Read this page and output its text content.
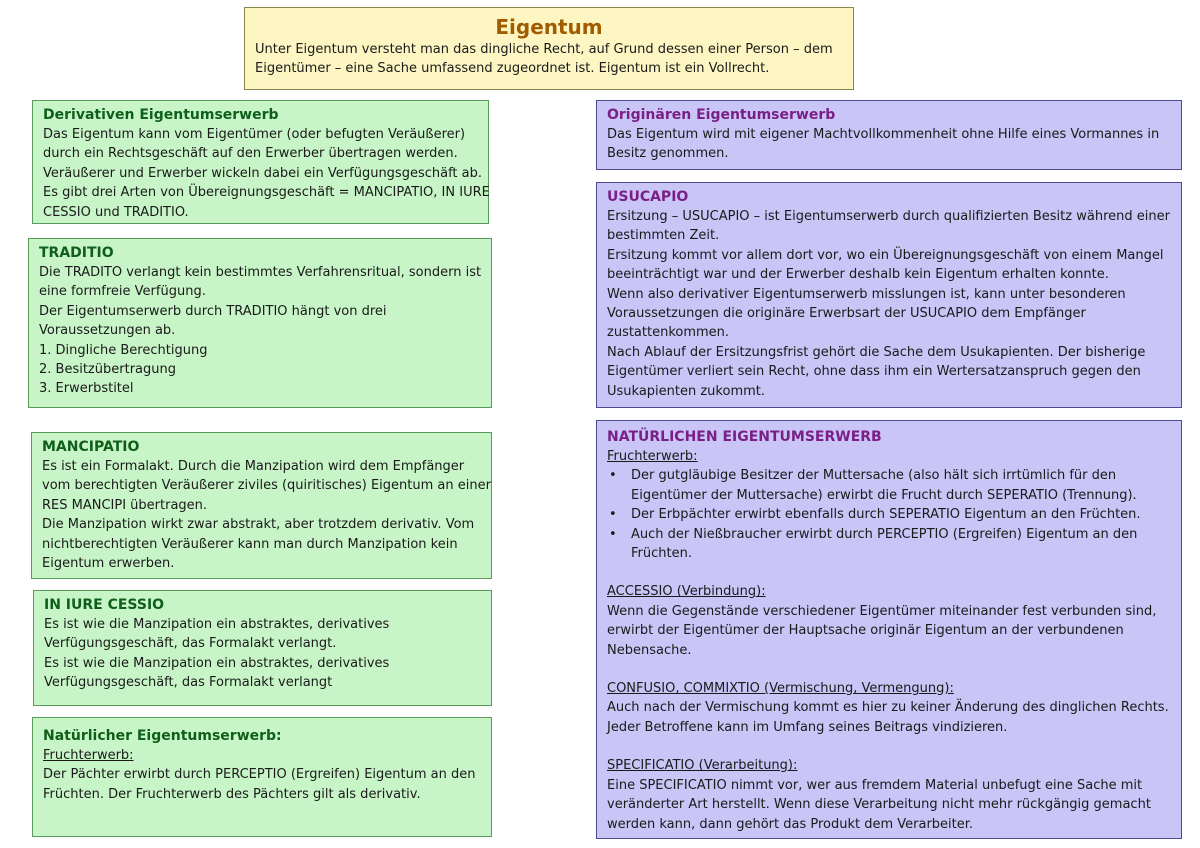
Eigentum
Unter Eigentum versteht man das dingliche Recht, auf Grund dessen einer Person – dem
Eigentümer – eine Sache umfassend zugeordnet ist. Eigentum ist ein Vollrecht.
Derivativen Eigentumserwerb
Das Eigentum kann vom Eigentümer (oder befugten Veräußerer)
durch ein Rechtsgeschäft auf den Erwerber übertragen werden.
Veräußerer und Erwerber wickeln dabei ein Verfügungsgeschäft ab.
Es gibt drei Arten von Übereignungsgeschäft = MANCIPATIO, IN IURE
CESSIO und TRADITIO.
TRADITIO
Die TRADITO verlangt kein bestimmtes Verfahrensritual, sondern ist
eine formfreie Verfügung.
Der Eigentumserwerb durch TRADITIO hängt von drei
Voraussetzungen ab.
1. Dingliche Berechtigung
2. Besitzübertragung
3. Erwerbstitel
MANCIPATIO
Es ist ein Formalakt. Durch die Manzipation wird dem Empfänger
vom berechtigten Veräußerer ziviles (quiritisches) Eigentum an einer
RES MANCIPI übertragen.
Die Manzipation wirkt zwar abstrakt, aber trotzdem derivativ. Vom
nichtberechtigten Veräußerer kann man durch Manzipation kein
Eigentum erwerben.
IN IURE CESSIO
Es ist wie die Manzipation ein abstraktes, derivatives
Verfügungsgeschäft, das Formalakt verlangt.
Es ist wie die Manzipation ein abstraktes, derivatives
Verfügungsgeschäft, das Formalakt verlangt
Natürlicher Eigentumserwerb:
Fruchterwerb:
Der Pächter erwirbt durch PERCEPTIO (Ergreifen) Eigentum an den
Früchten. Der Fruchterwerb des Pächters gilt als derivativ.
Originären Eigentumserwerb
Das Eigentum wird mit eigener Machtvollkommenheit ohne Hilfe eines Vormannes in
Besitz genommen.
USUCAPIO
Ersitzung – USUCAPIO – ist Eigentumserwerb durch qualifizierten Besitz während einer
bestimmten Zeit.
Ersitzung kommt vor allem dort vor, wo ein Übereignungsgeschäft von einem Mangel
beeinträchtigt war und der Erwerber deshalb kein Eigentum erhalten konnte.
Wenn also derivativer Eigentumserwerb misslungen ist, kann unter besonderen
Voraussetzungen die originäre Erwerbsart der USUCAPIO dem Empfänger
zustattenkommen.
Nach Ablauf der Ersitzungsfrist gehört die Sache dem Usukapienten. Der bisherige
Eigentümer verliert sein Recht, ohne dass ihm ein Wertersatzanspruch gegen den
Usukapienten zukommt.
NATÜRLICHEN EIGENTUMSERWERB
Fruchterwerb:
• Der gutgläubige Besitzer der Muttersache (also hält sich irrtümlich für den
Eigentümer der Muttersache) erwirbt die Frucht durch SEPERATIO (Trennung).
• Der Erbpächter erwirbt ebenfalls durch SEPERATIO Eigentum an den Früchten.
• Auch der Nießbraucher erwirbt durch PERCEPTIO (Ergreifen) Eigentum an den
Früchten.
ACCESSIO (Verbindung):
Wenn die Gegenstände verschiedener Eigentümer miteinander fest verbunden sind,
erwirbt der Eigentümer der Hauptsache originär Eigentum an der verbundenen
Nebensache.
CONFUSIO, COMMIXTIO (Vermischung, Vermengung):
Auch nach der Vermischung kommt es hier zu keiner Änderung des dinglichen Rechts.
Jeder Betroffene kann im Umfang seines Beitrags vindizieren.
SPECIFICATIO (Verarbeitung):
Eine SPECIFICATIO nimmt vor, wer aus fremdem Material unbefugt eine Sache mit
veränderter Art herstellt. Wenn diese Verarbeitung nicht mehr rückgängig gemacht
werden kann, dann gehört das Produkt dem Verarbeiter.
